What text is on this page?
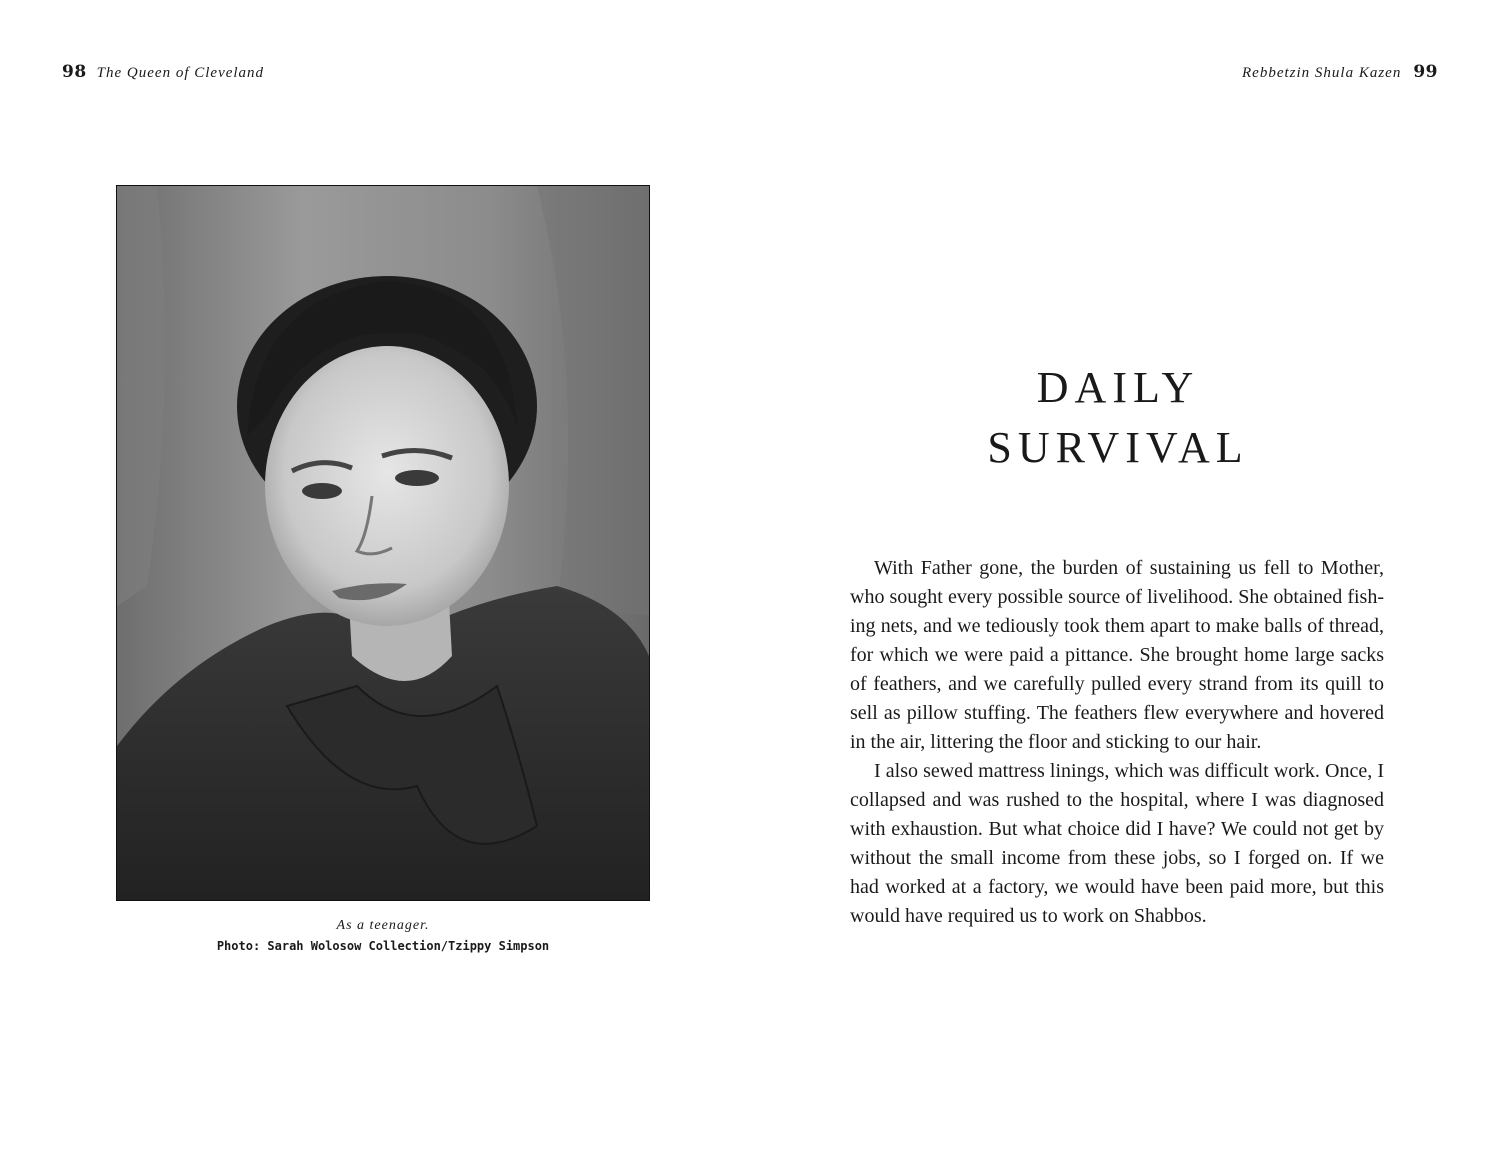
98 The Queen of Cleveland
As a teenager.
Photo: Sarah Wolosow Collection/Tzippy Simpson
Rebbetzin Shula Kazen 99
DAILY
SURVIVAL

With Father gone, the burden of sustaining us fell to Mother, who sought every possible source of livelihood. She obtained fish-ing nets, and we tediously took them apart to make balls of thread, for which we were paid a pittance. She brought home large sacks of feathers, and we carefully pulled every strand from its quill to sell as pillow stuffing. The feathers flew everywhere and hovered in the air, littering the floor and sticking to our hair.

I also sewed mattress linings, which was difficult work. Once, I collapsed and was rushed to the hospital, where I was diagnosed with exhaustion. But what choice did I have? We could not get by without the small income from these jobs, so I forged on. If we had worked at a factory, we would have been paid more, but this would have required us to work on Shabbos.
